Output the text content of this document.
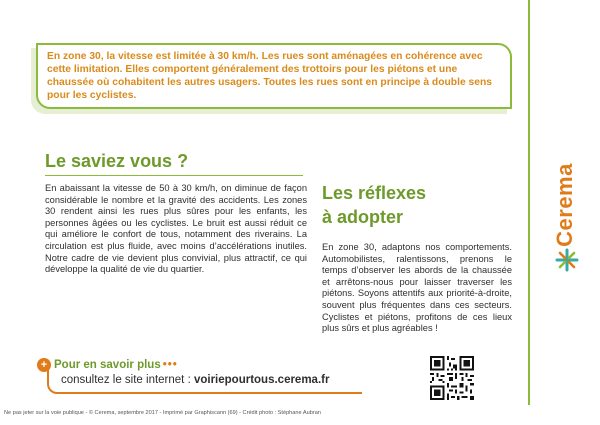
En zone 30, la vitesse est limitée à 30 km/h. Les rues sont aménagées en cohérence avec cette limitation. Elles comportent généralement des trottoirs pour les piétons et une chaussée où cohabitent les autres usagers. Toutes les rues sont en principe à double sens pour les cyclistes.
Cerema
Le saviez vous ?

En abaissant la vitesse de 50 à 30 km/h, on diminue de façon considérable le nombre et la gravité des accidents. Les zones 30 rendent ainsi les rues plus sûres pour les enfants, les personnes âgées ou les cyclistes. Le bruit est aussi réduit ce qui améliore le confort de tous, notamment des riverains. La circulation est plus fluide, avec moins d’accélérations inutiles. Notre cadre de vie devient plus convivial, plus attractif, ce qui développe la qualité de vie du quartier.

Les réflexes
à adopter

En zone 30, adaptons nos comportements. Automobilistes, ralentissons, prenons le temps d’observer les abords de la chaussée et arrêtons-nous pour laisser traverser les piétons. Soyons attentifs aux priorité-à-droite, souvent plus fréquentes dans ces secteurs. Cyclistes et piétons, profitons de ces lieux plus sûrs et plus agréables !

+ Pour en savoir plus •••
consultez le site internet : voiriepourtous.cerema.fr
Ne pas jeter sur la voie publique - © Cerema, septembre 2017 - Imprimé par Graphiscann (69) - Crédit photo : Stéphane Aubran
